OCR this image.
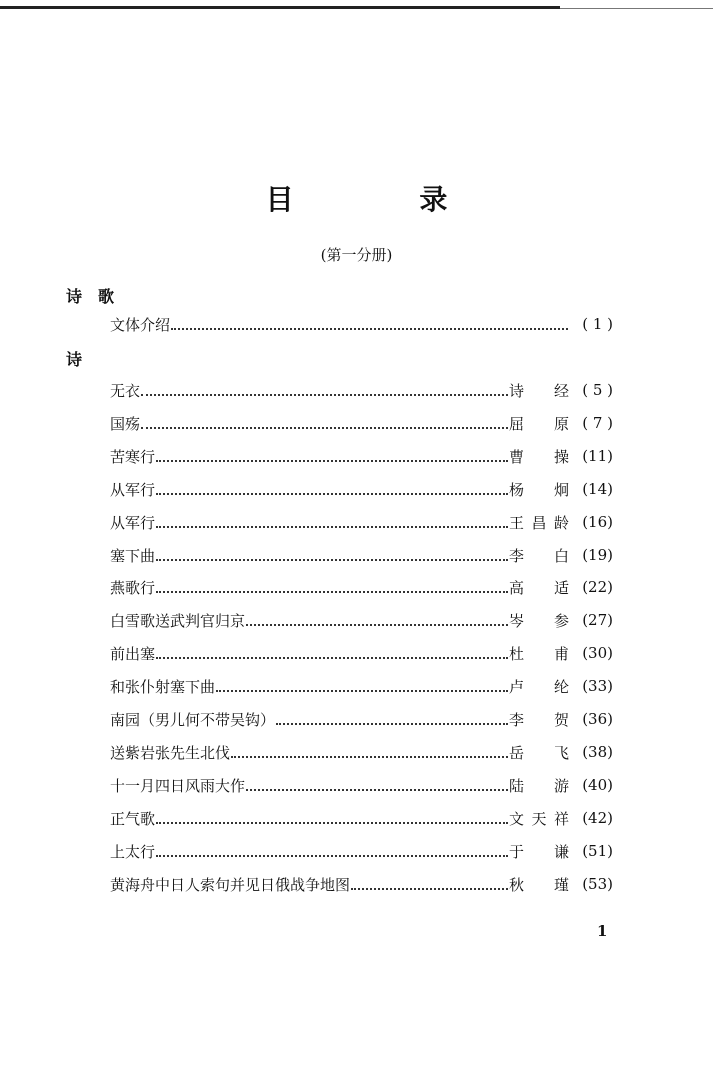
目 录
(第一分册)
诗　歌
文体介绍	( 1 )
诗
无衣	诗　经 ( 5 )
国殇	屈　原 ( 7 )
苦寒行	曹　操 (11)
从军行	杨　炯 (14)
从军行	王昌龄 (16)
塞下曲	李　白 (19)
燕歌行	高　适 (22)
白雪歌送武判官归京	岑　参 (27)
前出塞	杜　甫 (30)
和张仆射塞下曲	卢　纶 (33)
南园（男儿何不带吴钩）	李　贺 (36)
送紫岩张先生北伐	岳　飞 (38)
十一月四日风雨大作	陆　游 (40)
正气歌	文天祥 (42)
上太行	于　谦 (51)
黄海舟中日人索句并见日俄战争地图	秋　瑾 (53)
1
